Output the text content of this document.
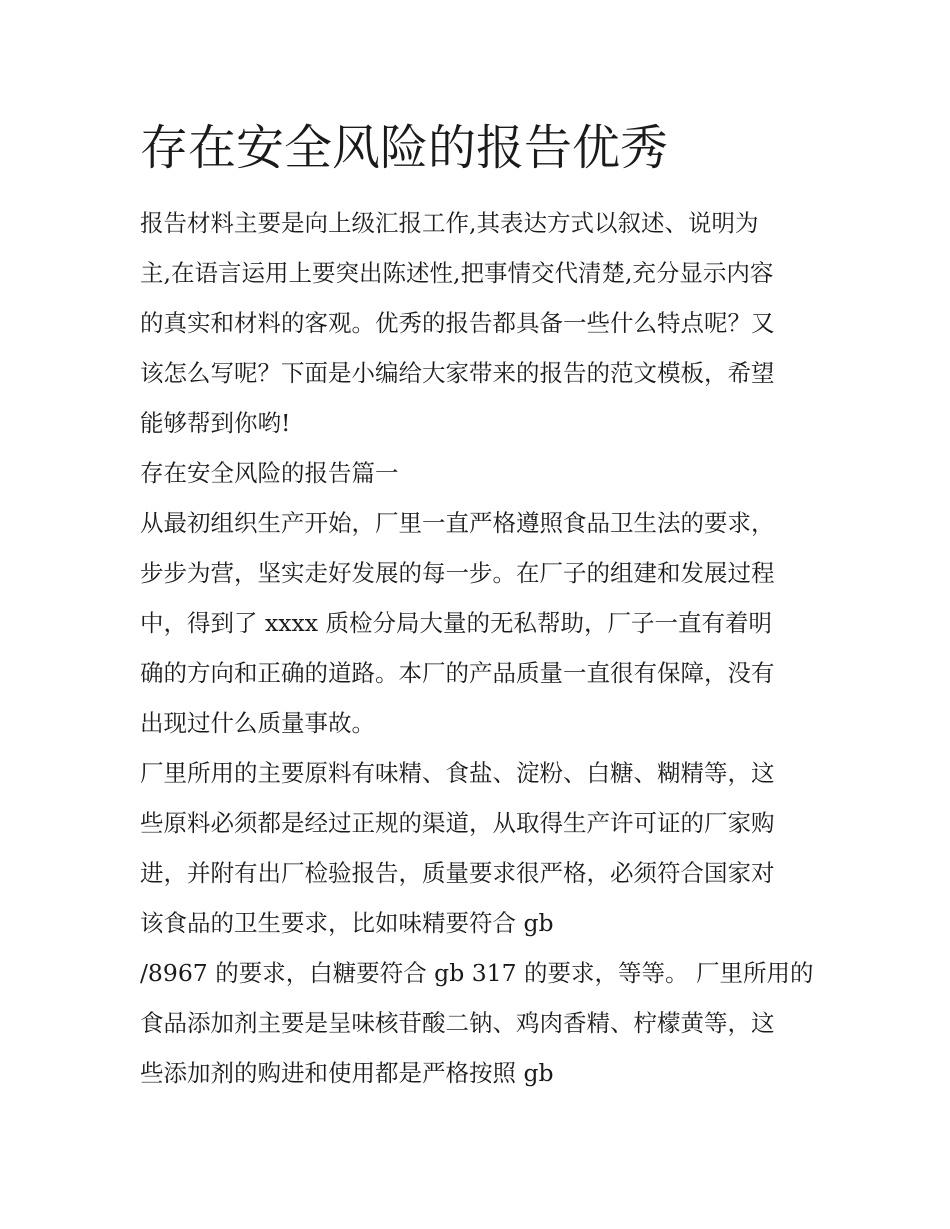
存在安全风险的报告优秀
报告材料主要是向上级汇报工作,其表达方式以叙述、说明为
主,在语言运用上要突出陈述性,把事情交代清楚,充分显示内容
的真实和材料的客观。优秀的报告都具备一些什么特点呢？又
该怎么写呢？下面是小编给大家带来的报告的范文模板，希望
能够帮到你哟!
存在安全风险的报告篇一
从最初组织生产开始，厂里一直严格遵照食品卫生法的要求，
步步为营，坚实走好发展的每一步。在厂子的组建和发展过程
中，得到了 xxxx 质检分局大量的无私帮助，厂子一直有着明
确的方向和正确的道路。本厂的产品质量一直很有保障，没有
出现过什么质量事故。
厂里所用的主要原料有味精、食盐、淀粉、白糖、糊精等，这
些原料必须都是经过正规的渠道，从取得生产许可证的厂家购
进，并附有出厂检验报告，质量要求很严格，必须符合国家对
该食品的卫生要求，比如味精要符合 gb
/8967 的要求，白糖要符合 gb 317 的要求，等等。 厂里所用的
食品添加剂主要是呈味核苷酸二钠、鸡肉香精、柠檬黄等，这
些添加剂的购进和使用都是严格按照 gb
